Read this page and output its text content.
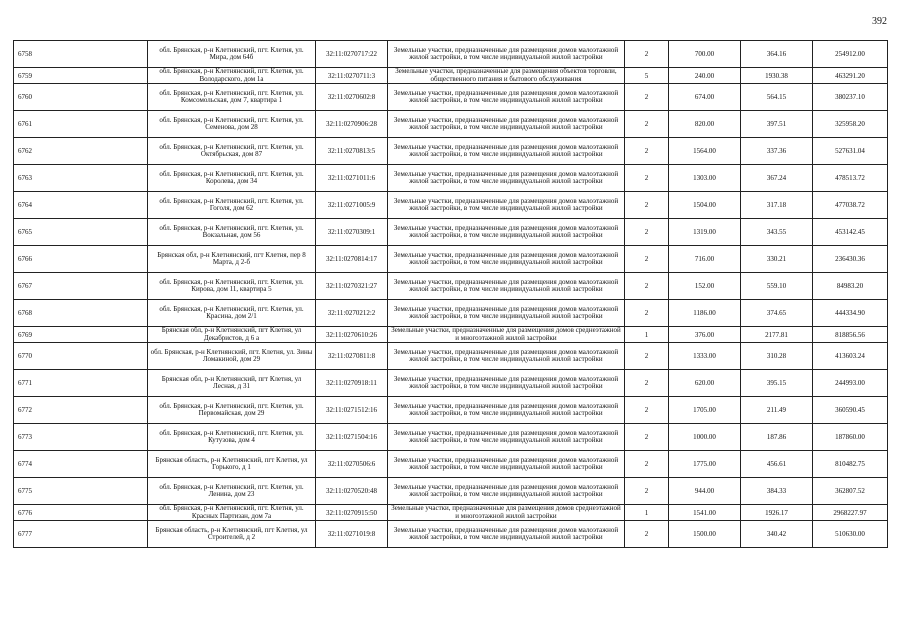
392
6758	обл. Брянская, р-н Клетнянский, пгт. Клетня, ул. Мира, дом 64б	32:11:0270717:22	Земельные участки, предназначенные для размещения домов малоэтажной жилой застройки, в том числе индивидуальной жилой застройки	2	700.00	364.16	254912.00
6759	обл. Брянская, р-н Клетнянский, пгт. Клетня, ул. Володарского, дом 1а	32:11:0270711:3	Земельные участки, предназначенные для размещения объектов торговли, общественного питания и бытового обслуживания	5	240.00	1930.38	463291.20
6760	обл. Брянская, р-н Клетнянский, пгт. Клетня, ул. Комсомольская, дом 7, квартира 1	32:11:0270602:8	Земельные участки, предназначенные для размещения домов малоэтажной жилой застройки, в том числе индивидуальной жилой застройки	2	674.00	564.15	380237.10
6761	обл. Брянская, р-н Клетнянский, пгт. Клетня, ул. Семенова, дом 28	32:11:0270906:28	Земельные участки, предназначенные для размещения домов малоэтажной жилой застройки, в том числе индивидуальной жилой застройки	2	820.00	397.51	325958.20
6762	обл. Брянская, р-н Клетнянский, пгт. Клетня, ул. Октябрьская, дом 87	32:11:0270813:5	Земельные участки, предназначенные для размещения домов малоэтажной жилой застройки, в том числе индивидуальной жилой застройки	2	1564.00	337.36	527631.04
6763	обл. Брянская, р-н Клетнянский, пгт. Клетня, ул. Королева, дом 34	32:11:0271011:6	Земельные участки, предназначенные для размещения домов малоэтажной жилой застройки, в том числе индивидуальной жилой застройки	2	1303.00	367.24	478513.72
6764	обл. Брянская, р-н Клетнянский, пгт. Клетня, ул. Гоголя, дом 62	32:11:0271005:9	Земельные участки, предназначенные для размещения домов малоэтажной жилой застройки, в том числе индивидуальной жилой застройки	2	1504.00	317.18	477038.72
6765	обл. Брянская, р-н Клетнянский, пгт. Клетня, ул. Вокзальная, дом 56	32:11:0270309:1	Земельные участки, предназначенные для размещения домов малоэтажной жилой застройки, в том числе индивидуальной жилой застройки	2	1319.00	343.55	453142.45
6766	Брянская обл, р-н Клетнянский, пгт Клетня, пер 8 Марта, д 2-б	32:11:0270814:17	Земельные участки, предназначенные для размещения домов малоэтажной жилой застройки, в том числе индивидуальной жилой застройки	2	716.00	330.21	236430.36
6767	обл. Брянская, р-н Клетнянский, пгт. Клетня, ул. Кирова, дом 11, квартира 5	32:11:0270321:27	Земельные участки, предназначенные для размещения домов малоэтажной жилой застройки, в том числе индивидуальной жилой застройки	2	152.00	559.10	84983.20
6768	обл. Брянская, р-н Клетнянский, пгт. Клетня, ул. Красина, дом 2/1	32:11:0270212:2	Земельные участки, предназначенные для размещения домов малоэтажной жилой застройки, в том числе индивидуальной жилой застройки	2	1186.00	374.65	444334.90
6769	Брянская обл, р-н Клетнянский, пгт Клетня, ул Декабристов, д 6 а	32:11:0270610:26	Земельные участки, предназначенные для размещения домов среднеэтажной и многоэтажной жилой застройки	1	376.00	2177.81	818856.56
6770	обл. Брянская, р-н Клетнянский, пгт. Клетня, ул. Зины Ломакиной, дом 29	32:11:0270811:8	Земельные участки, предназначенные для размещения домов малоэтажной жилой застройки, в том числе индивидуальной жилой застройки	2	1333.00	310.28	413603.24
6771	Брянская обл, р-н Клетнянский, пгт Клетня, ул Лесная, д 31	32:11:0270918:11	Земельные участки, предназначенные для размещения домов малоэтажной жилой застройки, в том числе индивидуальной жилой застройки	2	620.00	395.15	244993.00
6772	обл. Брянская, р-н Клетнянский, пгт. Клетня, ул. Первомайская, дом 29	32:11:0271512:16	Земельные участки, предназначенные для размещения домов малоэтажной жилой застройки, в том числе индивидуальной жилой застройки	2	1705.00	211.49	360590.45
6773	обл. Брянская, р-н Клетнянский, пгт. Клетня, ул. Кутузова, дом 4	32:11:0271504:16	Земельные участки, предназначенные для размещения домов малоэтажной жилой застройки, в том числе индивидуальной жилой застройки	2	1000.00	187.86	187860.00
6774	Брянская область, р-н Клетнянский, пгт Клетня, ул Горького, д 1	32:11:0270506:6	Земельные участки, предназначенные для размещения домов малоэтажной жилой застройки, в том числе индивидуальной жилой застройки	2	1775.00	456.61	810482.75
6775	обл. Брянская, р-н Клетнянский, пгт. Клетня, ул. Ленина, дом 23	32:11:0270520:48	Земельные участки, предназначенные для размещения домов малоэтажной жилой застройки, в том числе индивидуальной жилой застройки	2	944.00	384.33	362807.52
6776	обл. Брянская, р-н Клетнянский, пгт. Клетня, ул. Красных Партизан, дом 7а	32:11:0270915:50	Земельные участки, предназначенные для размещения домов среднеэтажной и многоэтажной жилой застройки	1	1541.00	1926.17	2968227.97
6777	Брянская область, р-н Клетнянский, пгт Клетня, ул Строителей, д 2	32:11:0271019:8	Земельные участки, предназначенные для размещения домов малоэтажной жилой застройки, в том числе индивидуальной жилой застройки	2	1500.00	340.42	510630.00
